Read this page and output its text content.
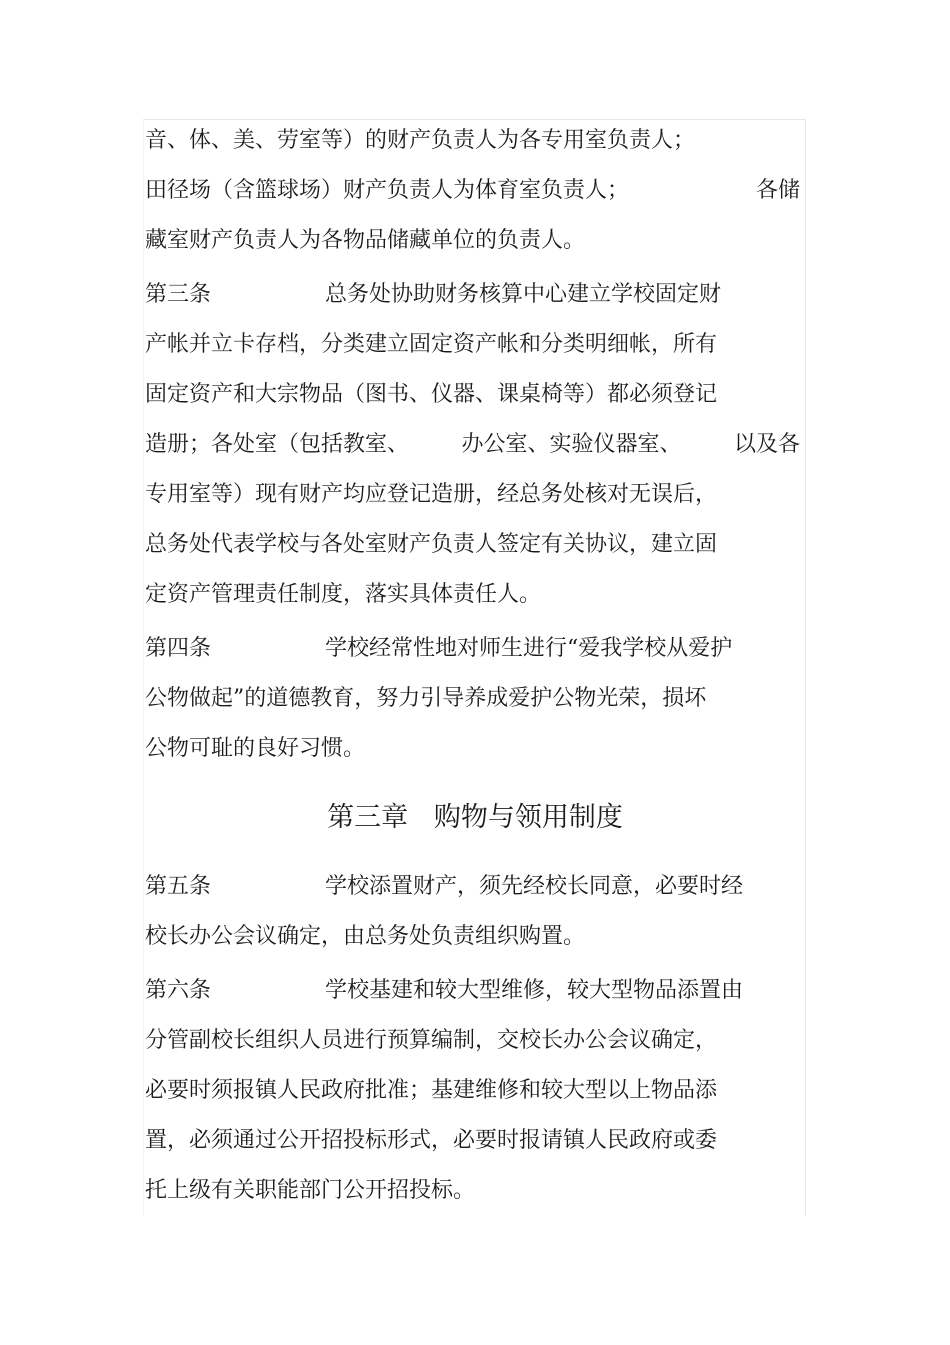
音、体、美、劳室等）的财产负责人为各专用室负责人；
田径场（含篮球场）财产负责人为体育室负责人；	各储
藏室财产负责人为各物品储藏单位的负责人。
第三条	总务处协助财务核算中心建立学校固定财
产帐并立卡存档，分类建立固定资产帐和分类明细帐，所有
固定资产和大宗物品（图书、仪器、课桌椅等）都必须登记
造册；各处室（包括教室、 办公室、实验仪器室、 以及各
专用室等）现有财产均应登记造册，经总务处核对无误后，
总务处代表学校与各处室财产负责人签定有关协议，建立固
定资产管理责任制度，落实具体责任人。
第四条	学校经常性地对师生进行“爱我学校从爱护
公物做起”的道德教育，努力引导养成爱护公物光荣，损坏
公物可耻的良好习惯。
第三章   购物与领用制度
第五条	学校添置财产，须先经校长同意，必要时经
校长办公会议确定，由总务处负责组织购置。
第六条	学校基建和较大型维修，较大型物品添置由
分管副校长组织人员进行预算编制，交校长办公会议确定，
必要时须报镇人民政府批准；基建维修和较大型以上物品添
置，必须通过公开招投标形式，必要时报请镇人民政府或委
托上级有关职能部门公开招投标。
